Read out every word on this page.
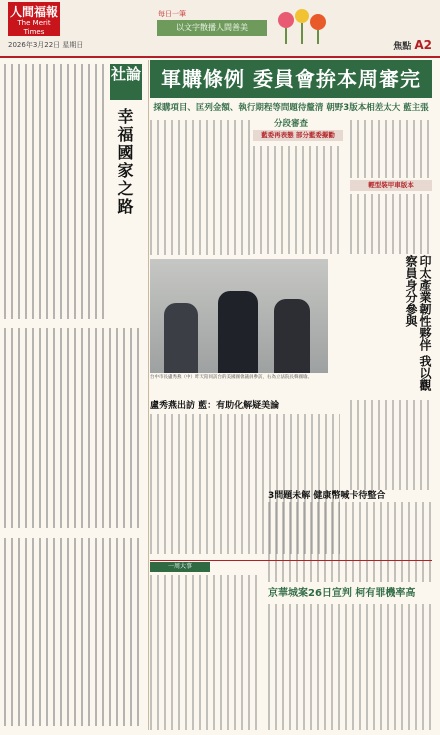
人間福報
The Merit Times
2026年3月22日 星期日
每日一筆
以文字散播人間善美
焦點 A2
社論
幸福國家之路
軍購條例 委員會拚本周審完
採購項目、匡列金額、執行期程等問題待釐清 朝野3版本相差太大 藍主張分段審查
藍委再表態 部分藍委擬勸
輕型裝甲車版本
台中市長盧秀燕（中）昨天陪同訪台的美國國會議員參訪，右為立法院長韓國瑜。	印太產業韌性夥伴 我以觀察員身分參與
盧秀燕出訪 藍：有助化解疑美論
3問題未解 健康幣喊卡待整合
一周大事
京華城案26日宣判 柯有罪機率高
